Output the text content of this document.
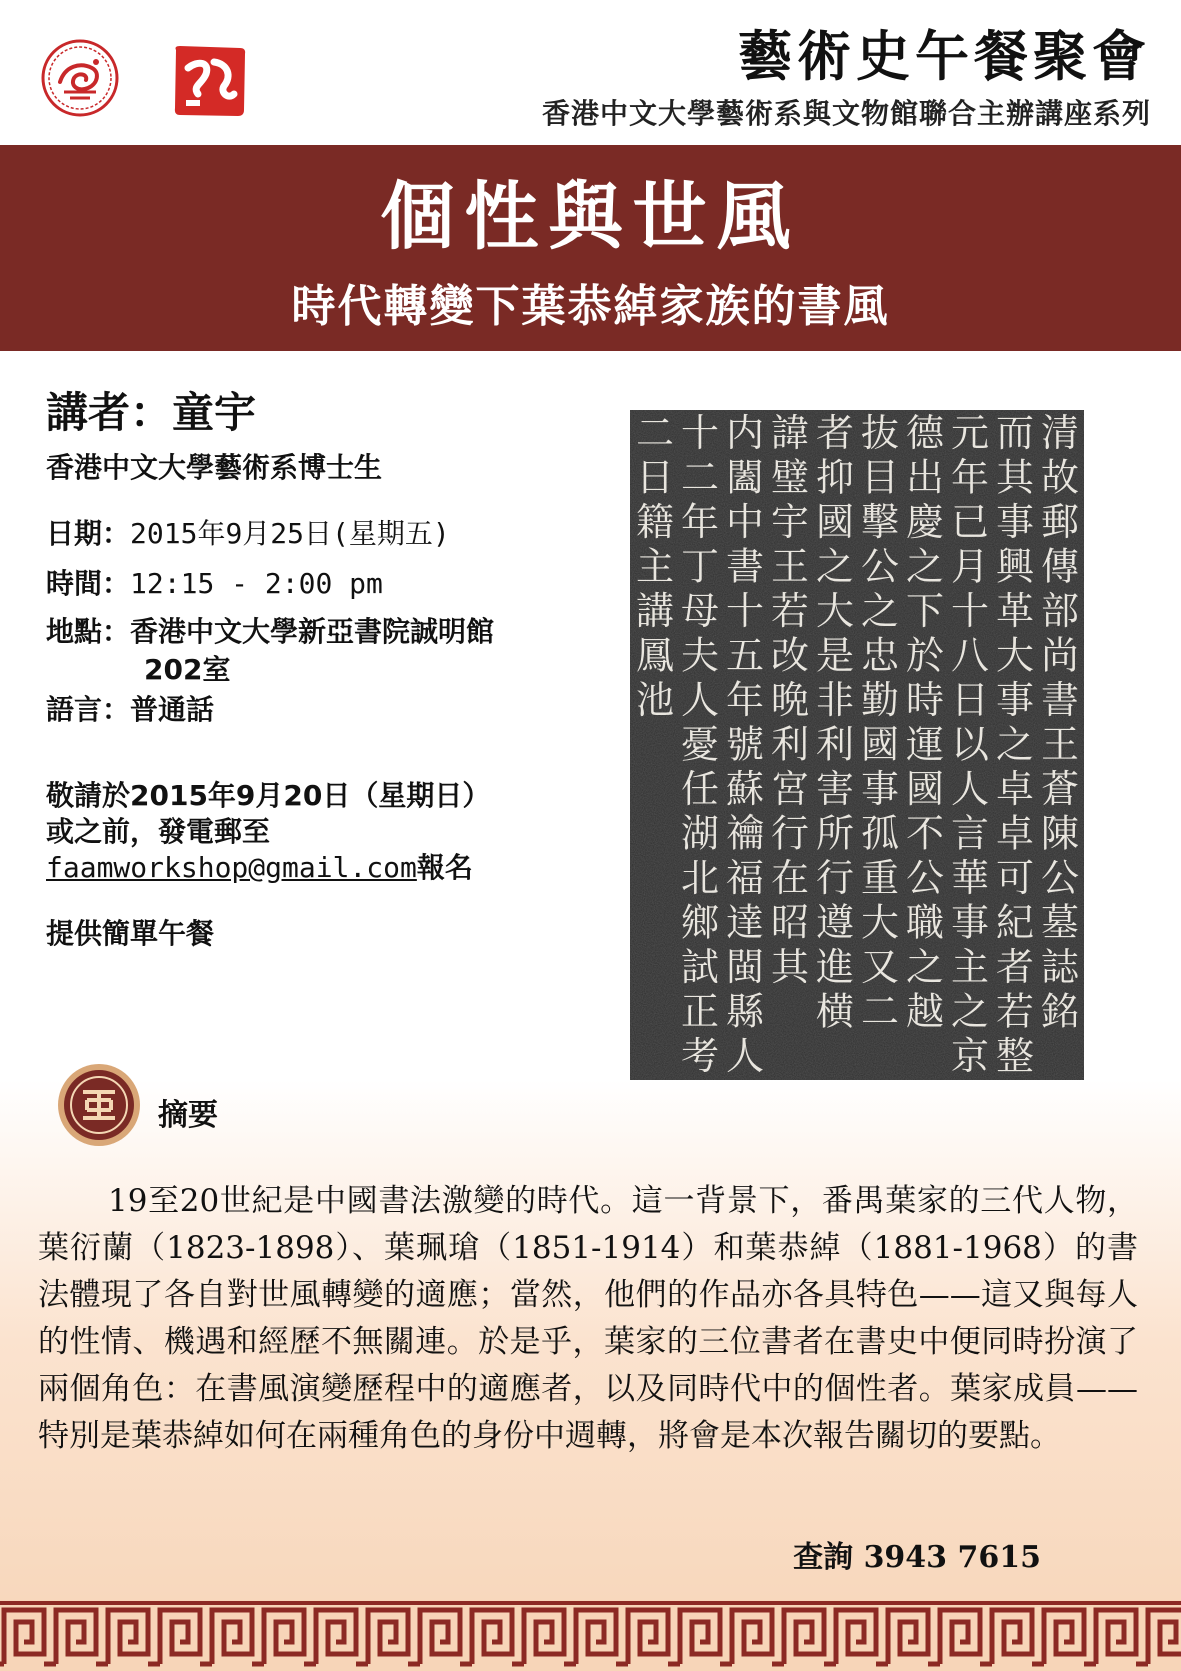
藝術史午餐聚會
香港中文大學藝術系與文物館聯合主辦講座系列
個性與世風
時代轉變下葉恭綽家族的書風
講者：童宇
香港中文大學藝術系博士生
日期：2015年9月25日(星期五)
時間：12:15 - 2:00 pm
地點：香港中文大學新亞書院誠明館
202室
語言：普通話
敬請於2015年9月20日（星期日）
或之前，發電郵至
faamworkshop@gmail.com報名
提供簡單午餐
清
故
郵
傳
部
尚
書
王
蒼
陳
公
墓
誌
銘
而
其
事
興
革
大
事
之
卓
卓
可
紀
者
若
整
元
年
已
月
十
八
日
以
人
言
華
事
主
之
京
德
出
慶
之
下
於
時
運
國
不
公
職
之
越
抜
目
擊
公
之
忠
勤
國
事
孤
重
大
又
二
者
抑
國
之
大
是
非
利
害
所
行
遵
進
横
諱
璧
宇
王
若
改
晩
利
宮
行
在
昭
其
内
闔
中
書
十
五
年
號
蘇
禴
福
達
閩
縣
人
十
二
年
丁
母
夫
人
憂
任
湖
北
鄉
試
正
考
二
日
籍
主
講
鳳
池
摘要
19至20世紀是中國書法激變的時代。這一背景下，番禺葉家的三代人物，葉衍蘭（1823-1898）、葉珮瑲（1851-1914）和葉恭綽（1881-1968）的書法體現了各自對世風轉變的適應；當然，他們的作品亦各具特色——這又與每人的性情、機遇和經歷不無關連。於是乎，葉家的三位書者在書史中便同時扮演了兩個角色：在書風演變歷程中的適應者，以及同時代中的個性者。葉家成員——特別是葉恭綽如何在兩種角色的身份中週轉，將會是本次報告關切的要點。
查詢 3943 7615
